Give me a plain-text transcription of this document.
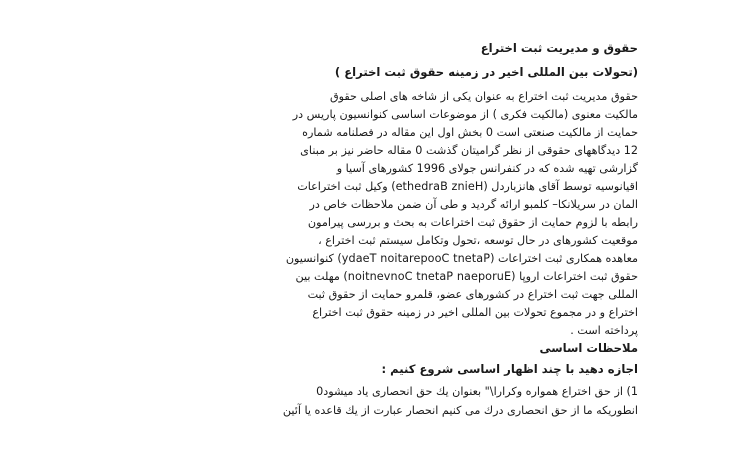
حقوق و مدیریت ثبت اختراع
(تحولات بین المللی اخیر در زمینه حقوق ثبت اختراع )
حقوق مدیریت ثبت اختراع به عنوان یکی از شاخه های اصلی حقوق
مالکیت معنوی (مالکیت فکری ) از موضوعات اساسی کنوانسیون پاریس در
حمایت از مالکیت صنعتی است 0 بخش اول این مقاله در فصلنامه شماره
12 دیدگاههای حقوقی از نظر گرامیتان گذشت 0 مقاله حاضر نیز بر مبنای
گزارشی تهیه شده که در کنفرانس جولای 1996 کشورهای آسیا و
اقیانوسیه توسط آقای هانزباردل (ethedraB znieH) وکیل ثبت اختراعات
المان در سریلانکا– کلمبو ارائه گردید و طی آن ضمن ملاحظات خاص در
رابطه با لزوم حمایت از حقوق ثبت اختراعات به بحث و بررسی پیرامون
موقعیت کشورهای در حال توسعه ،تحول وتکامل سیستم ثبت اختراع ،
معاهده همکاری ثبت اختراعات (ydaeT noitarepooC tnetaP) کنوانسیون
حقوق ثبت اختراعات اروپا (noitnevnoC tnetaP naeporuE) مهلت بین
المللی جهت ثبت اختراع در کشورهای عضو، قلمرو حمایت از حقوق ثبت
اختراع و در مجموع تحولات بین المللی اخیر در زمینه حقوق ثبت اختراع
پرداخته است .
ملاحظات اساسی
اجازه دهید با چند اظهار اساسی شروع کنیم :
1) از حق اختراع همواره وکرارا\" بعنوان یك حق انحصاری یاد میشود0
انطوریکه ما از حق انحصاری درك می کنیم انحصار عبارت از یك قاعده یا آئین
